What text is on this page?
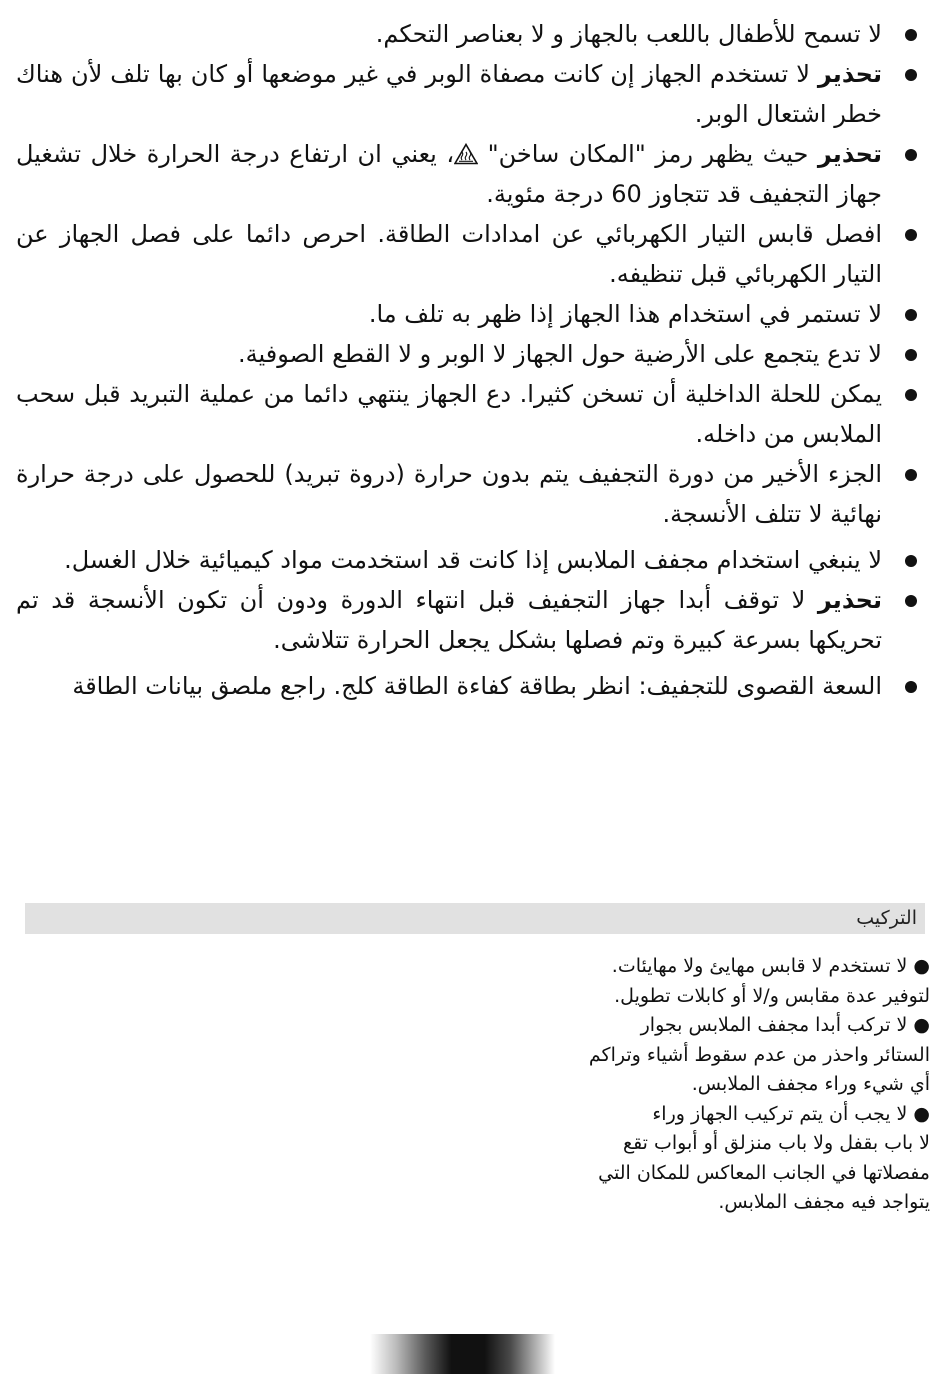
لا تسمح للأطفال باللعب بالجهاز و لا بعناصر التحكم.
تحذير لا تستخدم الجهاز إن كانت مصفاة الوبر في غير موضعها أو كان بها تلف لأن هناك خطر اشتعال الوبر.
تحذير حيث يظهر رمز "المكان ساخن" ، يعني ان ارتفاع درجة الحرارة خلال تشغيل جهاز التجفيف قد تتجاوز 60 درجة مئوية.
افصل قابس التيار الكهربائي عن امدادات الطاقة. احرص دائما على فصل الجهاز عن التيار الكهربائي قبل تنظيفه.
لا تستمر في استخدام هذا الجهاز إذا ظهر به تلف ما.
لا تدع يتجمع على الأرضية حول الجهاز لا الوبر و لا القطع الصوفية.
يمكن للحلة الداخلية أن تسخن كثيرا. دع الجهاز ينتهي دائما من عملية التبريد قبل سحب الملابس من داخله.
الجزء الأخير من دورة التجفيف يتم بدون حرارة (دروة تبريد) للحصول على درجة حرارة نهائية لا تتلف الأنسجة.
لا ينبغي استخدام مجفف الملابس إذا كانت قد استخدمت مواد كيميائية خلال الغسل.
تحذير لا توقف أبدا جهاز التجفيف قبل انتهاء الدورة ودون أن تكون الأنسجة قد تم تحريكها بسرعة كبيرة وتم فصلها بشكل يجعل الحرارة تتلاشى.
السعة القصوى للتجفيف: انظر بطاقة كفاءة الطاقة كلج. راجع ملصق بيانات الطاقة
التركيب

● لا تستخدم لا قابس مهايئ ولا مهايئات.

لتوفير عدة مقابس و/لا أو كابلات تطويل.

● لا تركب أبدا مجفف الملابس بجوار

الستائر واحذر من عدم سقوط أشياء وتراكم

أي شيء وراء مجفف الملابس.

● لا يجب أن يتم تركيب الجهاز وراء

لا باب بقفل ولا باب منزلق أو أبواب تقع

مفصلاتها في الجانب المعاكس للمكان التي

يتواجد فيه مجفف الملابس.
